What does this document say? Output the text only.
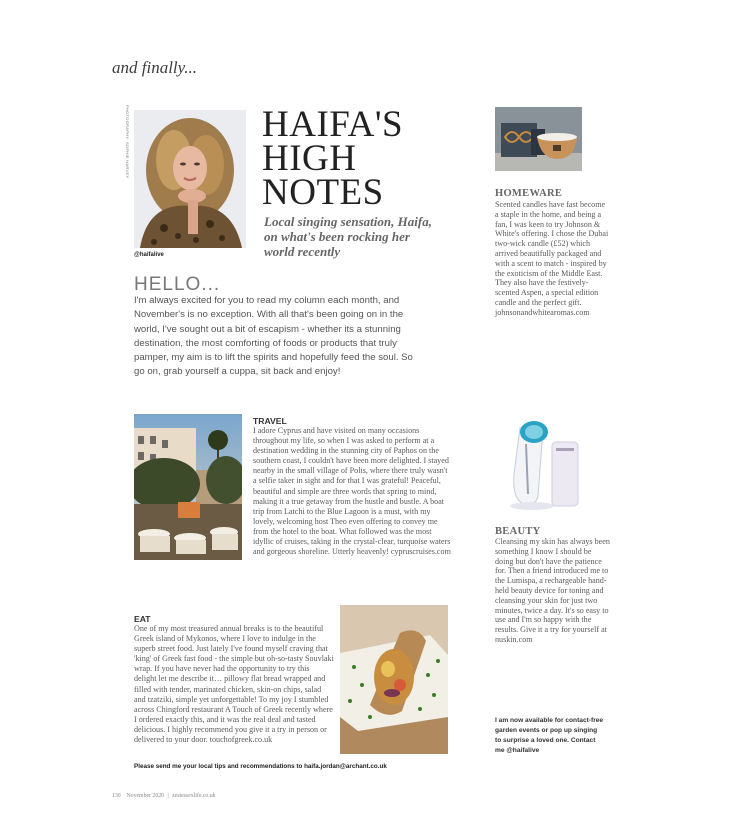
and finally...
PHOTOGRAPHY: SOPHIE HARVEY
@haifalive
HAIFA'S
HIGH
NOTES
Local singing sensation, Haifa, on what's been rocking her world recently
HELLO...
I'm always excited for you to read my column each month, and November's is no exception. With all that's been going on in the world, I've sought out a bit of escapism - whether its a stunning destination, the most comforting of foods or products that truly pamper, my aim is to lift the spirits and hopefully feed the soul. So go on, grab yourself a cuppa, sit back and enjoy!
HOMEWARE
Scented candles have fast become a staple in the home, and being a fan, I was keen to try Johnson & White's offering. I chose the Dubai two-wick candle (£52) which arrived beautifully packaged and with a scent to match - inspired by the exoticism of the Middle East. They also have the festively-scented Aspen, a special edition candle and the perfect gift. johnsonandwhitearomas.com
TRAVEL
I adore Cyprus and have visited on many occasions throughout my life, so when I was asked to perform at a destination wedding in the stunning city of Paphos on the southern coast, I couldn't have been more delighted. I stayed nearby in the small village of Polis, where there truly wasn't a selfie taker in sight and for that I was grateful! Peaceful, beautiful and simple are three words that spring to mind, making it a true getaway from the hustle and bustle. A boat trip from Latchi to the Blue Lagoon is a must, with my lovely, welcoming host Theo even offering to convey me from the hotel to the boat. What followed was the most idyllic of cruises, taking in the crystal-clear, turquoise waters and gorgeous shoreline. Utterly heavenly! cypruscruises.com
BEAUTY
Cleansing my skin has always been something I know I should be doing but don't have the patience for. Then a friend introduced me to the Lumispa, a rechargeable hand-held beauty device for toning and cleansing your skin for just two minutes, twice a day. It's so easy to use and I'm so happy with the results. Give it a try for yourself at nuskin.com
EAT
One of my most treasured annual breaks is to the beautiful Greek island of Mykonos, where I love to indulge in the superb street food. Just lately I've found myself craving that 'king' of Greek fast food - the simple but oh-so-tasty Souvlaki wrap. If you have never had the opportunity to try this delight let me describe it… pillowy flat bread wrapped and filled with tender, marinated chicken, skin-on chips, salad and tzatziki, simple yet unforgettable! To my joy I stumbled across Chingford restaurant A Touch of Greek recently where I ordered exactly this, and it was the real deal and tasted delicious. I highly recommend you give it a try in person or delivered to your door. touchofgreek.co.uk
Please send me your local tips and recommendations to haifa.jordan@archant.co.uk
I am now available for contact-free garden events or pop up singing to surprise a loved one. Contact me @haifalive
130 November 2020 | zestessexlife.co.uk
